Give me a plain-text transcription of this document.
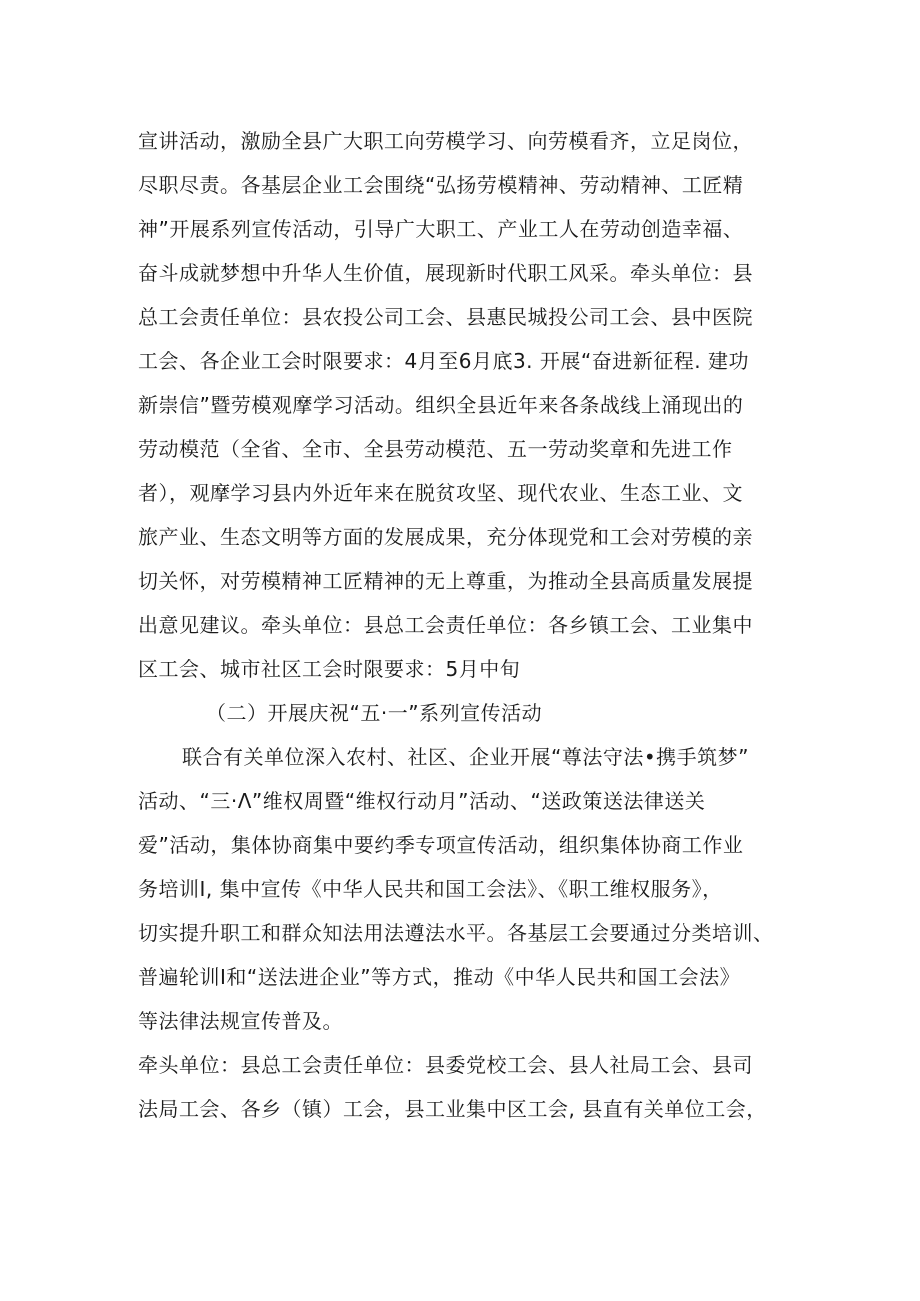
宣讲活动，激励全县广大职工向劳模学习、向劳模看齐，立足岗位，
尽职尽责。各基层企业工会围绕“弘扬劳模精神、劳动精神、工匠精
神”开展系列宣传活动，引导广大职工、产业工人在劳动创造幸福、
奋斗成就梦想中升华人生价值，展现新时代职工风采。牵头单位：县
总工会责任单位：县农投公司工会、县惠民城投公司工会、县中医院
工会、各企业工会时限要求：4月至6月底3. 开展“奋进新征程. 建功
新崇信”暨劳模观摩学习活动。组织全县近年来各条战线上涌现出的
劳动模范（全省、全市、全县劳动模范、五一劳动奖章和先进工作
者），观摩学习县内外近年来在脱贫攻坚、现代农业、生态工业、文
旅产业、生态文明等方面的发展成果，充分体现党和工会对劳模的亲
切关怀，对劳模精神工匠精神的无上尊重，为推动全县高质量发展提
出意见建议。牵头单位：县总工会责任单位：各乡镇工会、工业集中
区工会、城市社区工会时限要求：5月中旬
（二）开展庆祝“五·一”系列宣传活动
联合有关单位深入农村、社区、企业开展“尊法守法•携手筑梦”
活动、“三·Λ”维权周暨“维权行动月”活动、“送政策送法律送关
爱”活动，集体协商集中要约季专项宣传活动，组织集体协商工作业
务培训I, 集中宣传《中华人民共和国工会法》、《职工维权服务》，
切实提升职工和群众知法用法遵法水平。各基层工会要通过分类培训、
普遍轮训I和“送法进企业”等方式，推动《中华人民共和国工会法》
等法律法规宣传普及。
牵头单位：县总工会责任单位：县委党校工会、县人社局工会、县司
法局工会、各乡（镇）工会，县工业集中区工会, 县直有关单位工会，
